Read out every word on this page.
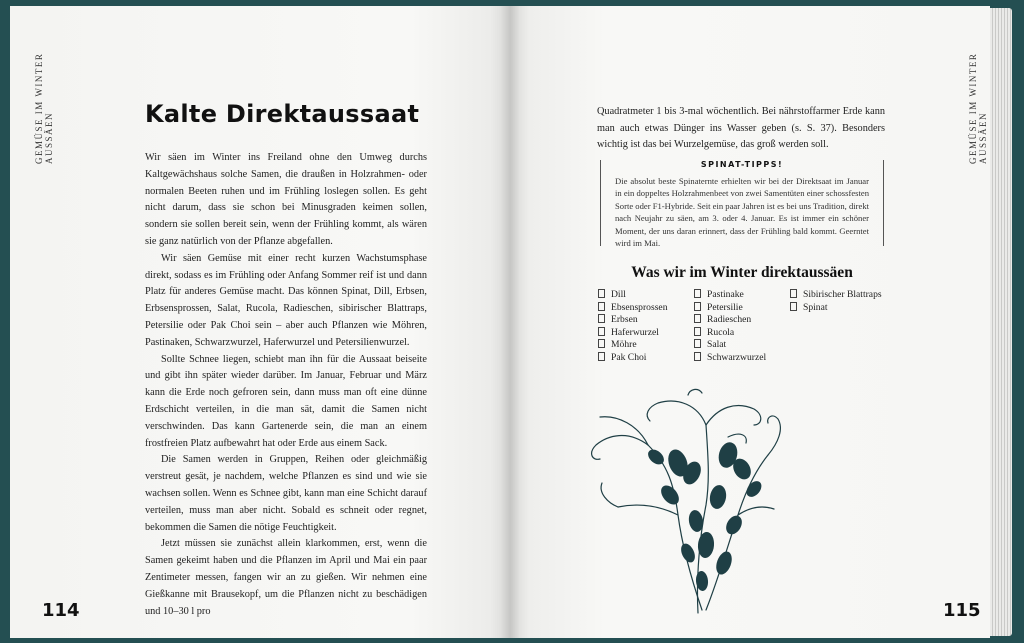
GEMÜSE IM WINTER AUSSÄEN	GEMÜSE IM WINTER AUSSÄEN
Kalte Direktaussaat

Wir säen im Winter ins Freiland ohne den Umweg durchs Kaltgewächshaus solche Samen, die draußen in Holzrahmen- oder normalen Beeten ruhen und im Frühling loslegen sollen. Es geht nicht darum, dass sie schon bei Minusgraden keimen sollen, sondern sie sollen bereit sein, wenn der Frühling kommt, als wären sie ganz natürlich von der Pflanze abgefallen.

Wir säen Gemüse mit einer recht kurzen Wachstumsphase direkt, sodass es im Frühling oder Anfang Sommer reif ist und dann Platz für anderes Gemüse macht. Das können Spinat, Dill, Erbsen, Erbsensprossen, Salat, Rucola, Radieschen, sibirischer Blattraps, Petersilie oder Pak Choi sein – aber auch Pflanzen wie Möhren, Pastinaken, Schwarzwurzel, Haferwurzel und Petersilienwurzel.

Sollte Schnee liegen, schiebt man ihn für die Aussaat beiseite und gibt ihn später wieder darüber. Im Januar, Februar und März kann die Erde noch gefroren sein, dann muss man oft eine dünne Erdschicht verteilen, in die man sät, damit die Samen nicht verschwinden. Das kann Gartenerde sein, die man an einem frostfreien Platz aufbewahrt hat oder Erde aus einem Sack.

Die Samen werden in Gruppen, Reihen oder gleichmäßig verstreut gesät, je nachdem, welche Pflanzen es sind und wie sie wachsen sollen. Wenn es Schnee gibt, kann man eine Schicht darauf verteilen, muss man aber nicht. Sobald es schneit oder regnet, bekommen die Samen die nötige Feuchtigkeit.

Jetzt müssen sie zunächst allein klarkommen, erst, wenn die Samen gekeimt haben und die Pflanzen im April und Mai ein paar Zentimeter messen, fangen wir an zu gießen. Wir nehmen eine Gießkanne mit Brausekopf, um die Pflanzen nicht zu beschädigen und 10–30 l pro

114

Quadratmeter 1 bis 3-mal wöchentlich. Bei nährstoffarmer Erde kann man auch etwas Dünger ins Wasser geben (s. S. 37). Besonders wichtig ist das bei Wurzelgemüse, das groß werden soll.

SPINAT-TIPPS!

Die absolut beste Spinaternte erhielten wir bei der Direktsaat im Januar in ein doppeltes Holzrahmenbeet von zwei Samentüten einer schossfesten Sorte oder F1-Hybride. Seit ein paar Jahren ist es bei uns Tradition, direkt nach Neujahr zu säen, am 3. oder 4. Januar. Es ist immer ein schöner Moment, der uns daran erinnert, dass der Frühling bald kommt. Geerntet wird im Mai.

Was wir im Winter direktaussäen
Dill
Ebsensprossen
Erbsen
Haferwurzel
Möhre
Pak Choi
Pastinake
Petersilie
Radieschen
Rucola
Salat
Schwarzwurzel
Sibirischer Blattraps
Spinat
115
